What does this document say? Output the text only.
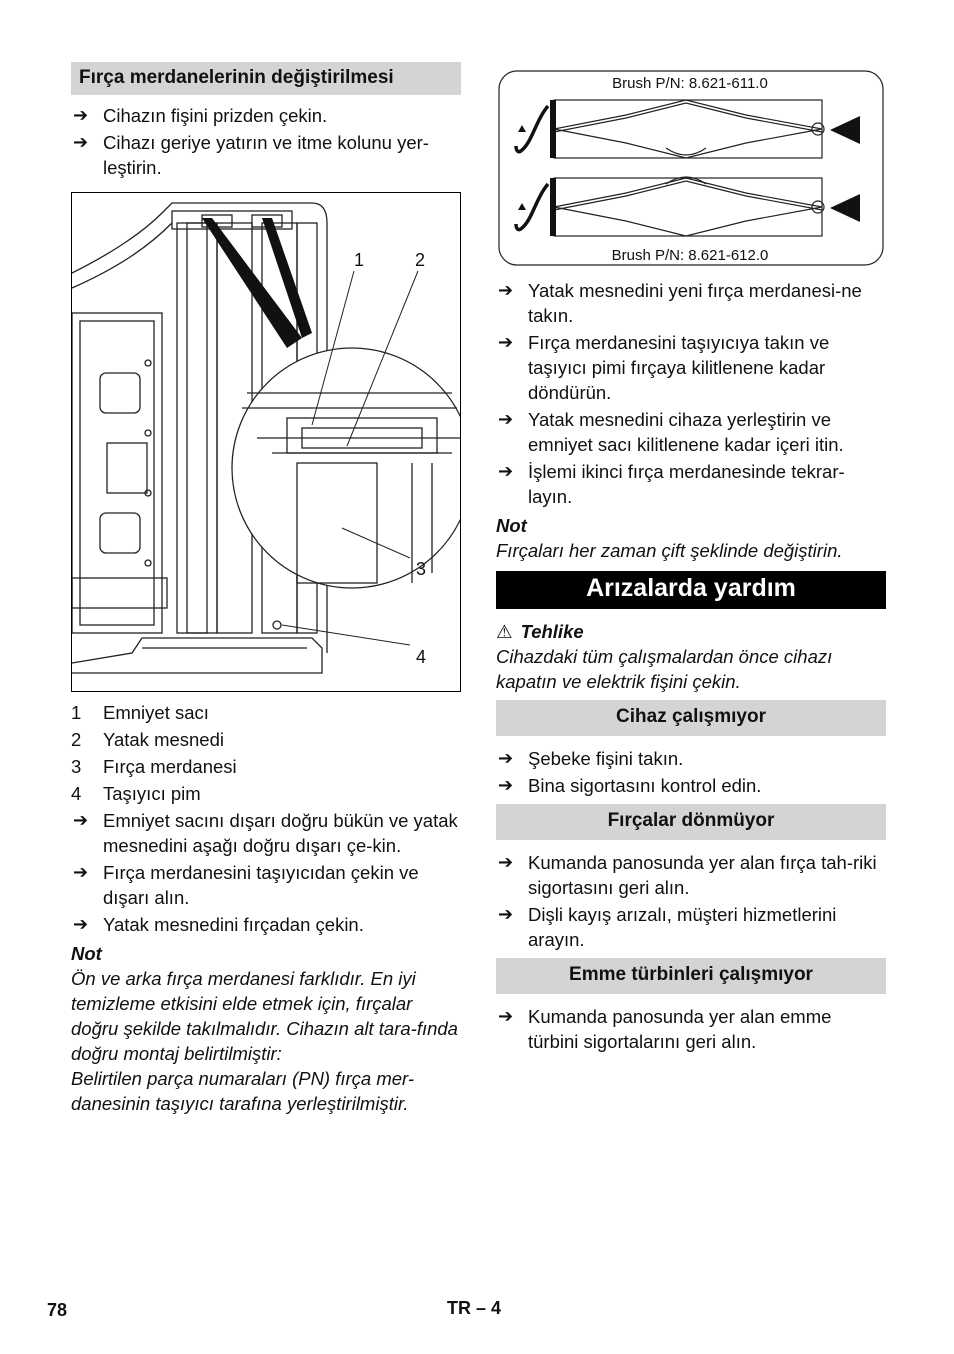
Fırça merdanelerinin değiştirilmesi
➔ Cihazın fişini prizden çekin.
➔ Cihazı geriye yatırın ve itme kolunu yer-leştirin.
1	2
3
4
1 Emniyet sacı
2 Yatak mesnedi
3 Fırça merdanesi
4 Taşıyıcı pim
➔ Emniyet sacını dışarı doğru bükün ve yatak mesnedini aşağı doğru dışarı çe-kin.
➔ Fırça merdanesini taşıyıcıdan çekin ve dışarı alın.
➔ Yatak mesnedini fırçadan çekin.
Not
Ön ve arka fırça merdanesi farklıdır. En iyi temizleme etkisini elde etmek için, fırçalar doğru şekilde takılmalıdır. Cihazın alt tara-fında doğru montaj belirtilmiştir:
Belirtilen parça numaraları (PN) fırça mer-danesinin taşıyıcı tarafına yerleştirilmiştir.
Brush P/N: 8.621-611.0
Brush P/N: 8.621-612.0
➔ Yatak mesnedini yeni fırça merdanesi-ne takın.
➔ Fırça merdanesini taşıyıcıya takın ve taşıyıcı pimi fırçaya kilitlenene kadar döndürün.
➔ Yatak mesnedini cihaza yerleştirin ve emniyet sacı kilitlenene kadar içeri itin.
➔ İşlemi ikinci fırça merdanesinde tekrar-layın.
Not
Fırçaları her zaman çift şeklinde değiştirin.
Arızalarda yardım
⚠ Tehlike
Cihazdaki tüm çalışmalardan önce cihazı kapatın ve elektrik fişini çekin.
Cihaz çalışmıyor
➔ Şebeke fişini takın.
➔ Bina sigortasını kontrol edin.
Fırçalar dönmüyor
➔ Kumanda panosunda yer alan fırça tah-riki sigortasını geri alın.
➔ Dişli kayış arızalı, müşteri hizmetlerini arayın.
Emme türbinleri çalışmıyor
➔ Kumanda panosunda yer alan emme türbini sigortalarını geri alın.
78	TR – 4
